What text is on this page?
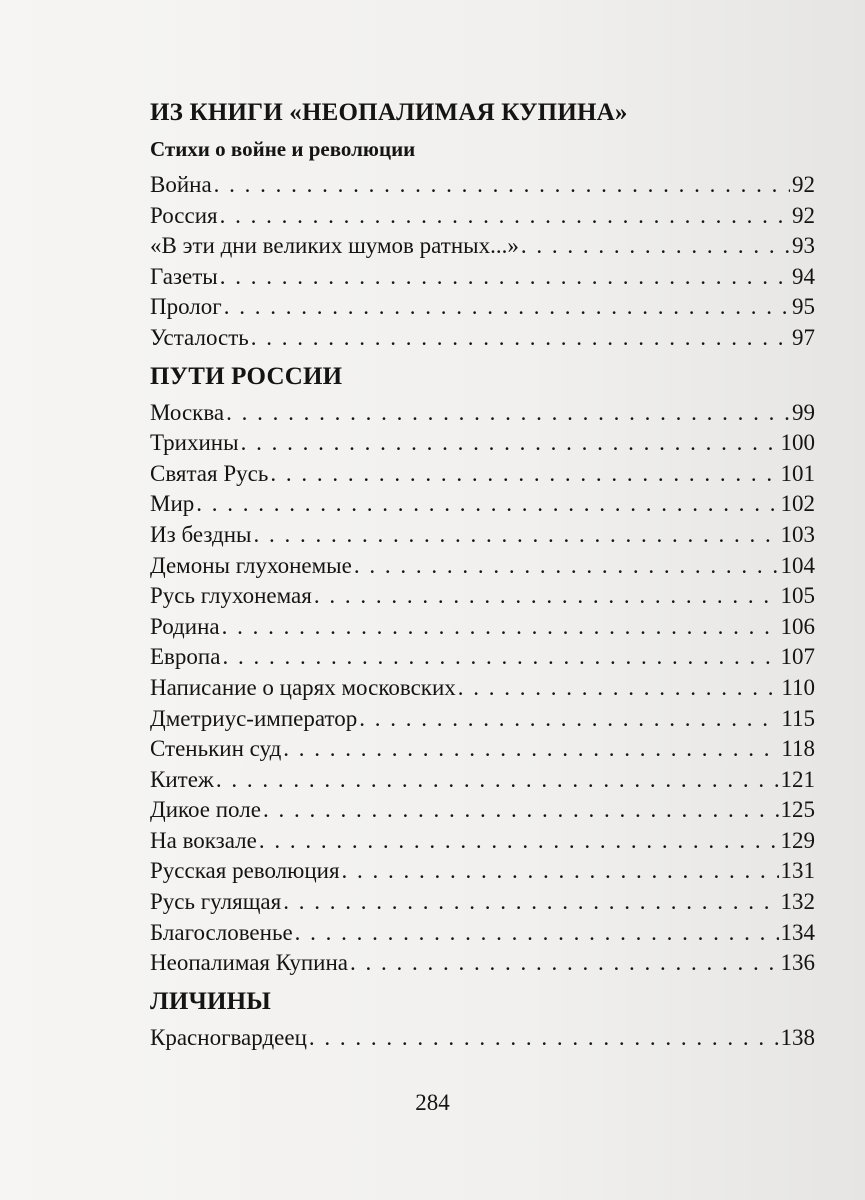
ИЗ КНИГИ «НЕОПАЛИМАЯ КУПИНА»
Стихи о войне и революции
Война . . .	92
Россия . . .	92
«В эти дни великих шумов ратных...» . . .	93
Газеты . . .	94
Пролог . . .	95
Усталость . . .	97
ПУТИ РОССИИ
Москва . . .	99
Трихины . . .	100
Святая Русь . . .	101
Мир . . .	102
Из бездны . . .	103
Демоны глухонемые . . .	104
Русь глухонемая . . .	105
Родина . . .	106
Европа . . .	107
Написание о царях московских . . .	110
Дметриус-император . . .	115
Стенькин суд . . .	118
Китеж . . .	121
Дикое поле . . .	125
На вокзале . . .	129
Русская революция . . .	131
Русь гулящая . . .	132
Благословенье . . .	134
Неопалимая Купина . . .	136
ЛИЧИНЫ
Красногвардеец . . .	138
284
